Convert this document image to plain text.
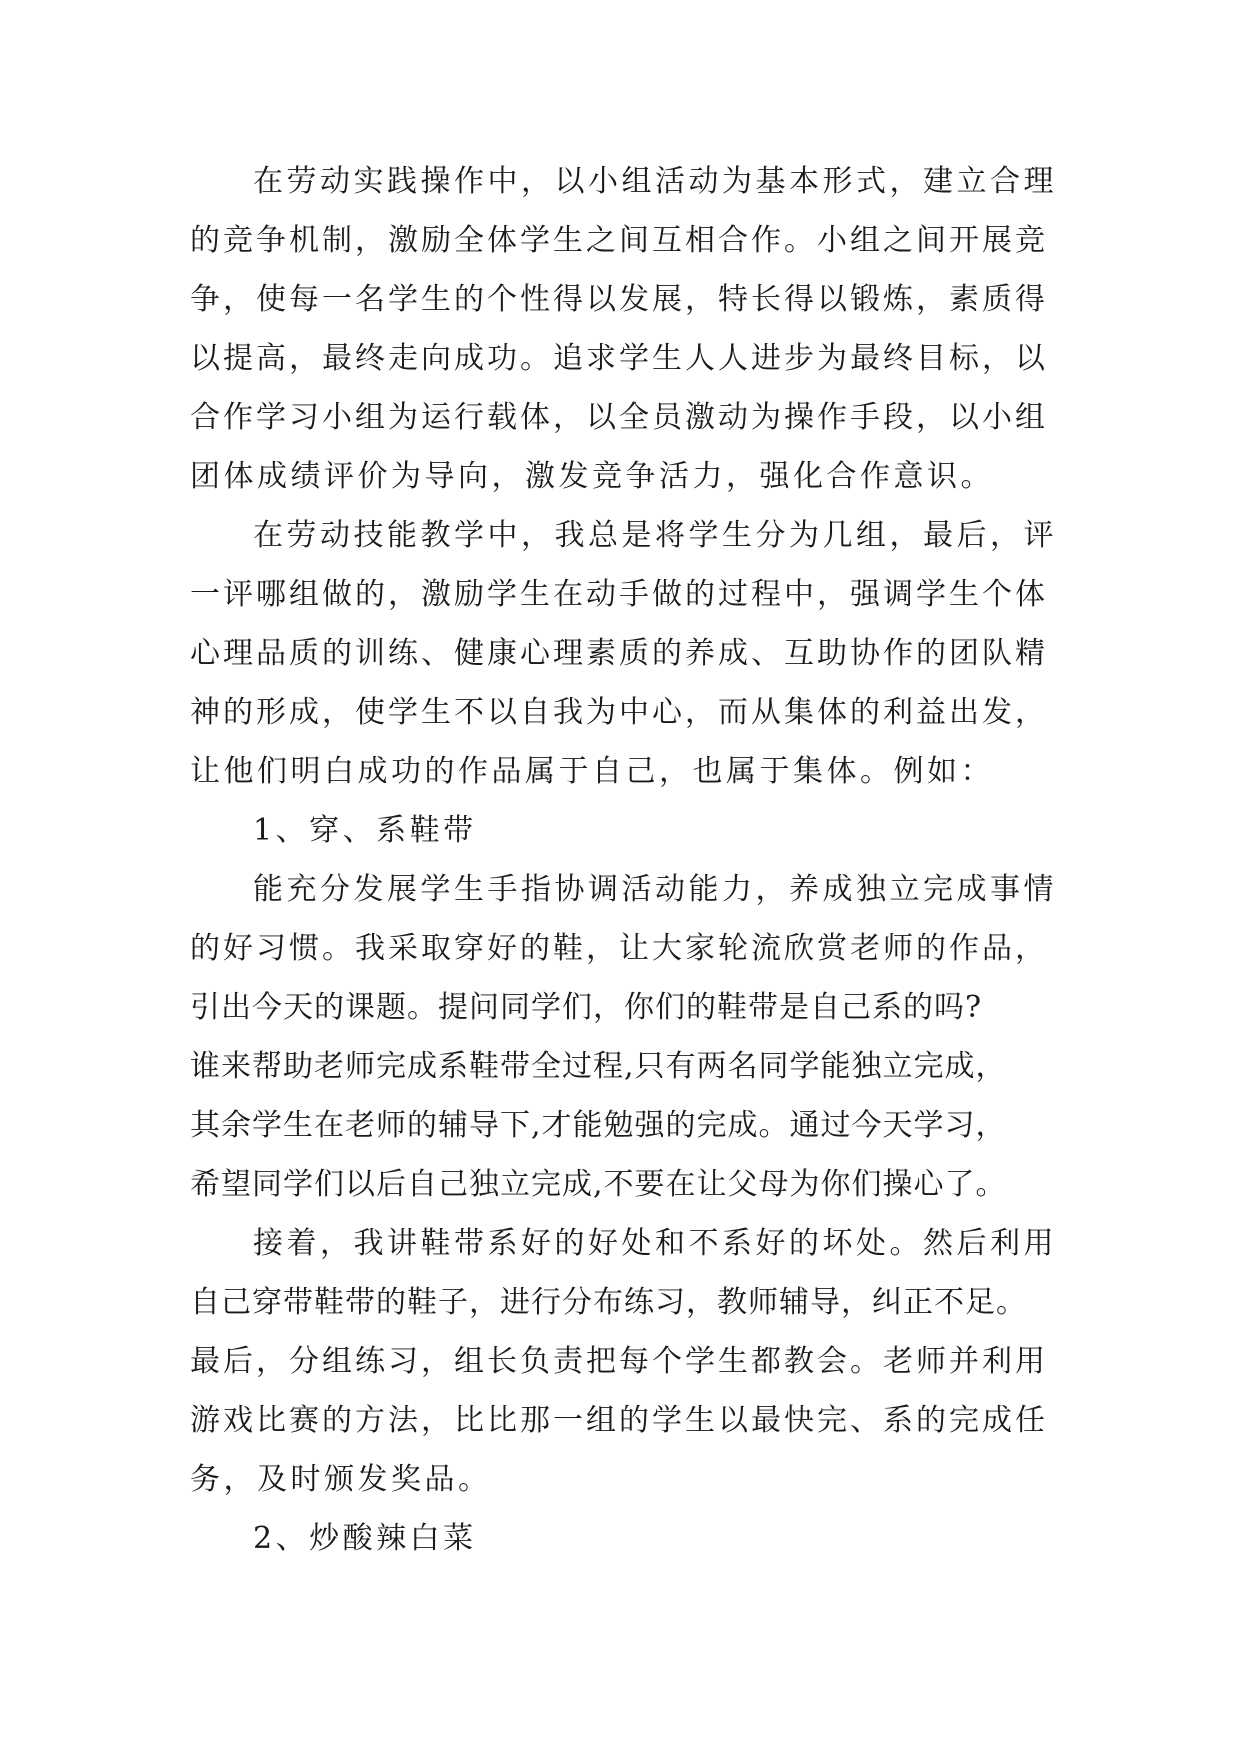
在劳动实践操作中，以小组活动为基本形式，建立合理
的竞争机制，激励全体学生之间互相合作。小组之间开展竞
争，使每一名学生的个性得以发展，特长得以锻炼，素质得
以提高，最终走向成功。追求学生人人进步为最终目标，以
合作学习小组为运行载体，以全员激动为操作手段，以小组
团体成绩评价为导向，激发竞争活力，强化合作意识。
在劳动技能教学中，我总是将学生分为几组，最后，评
一评哪组做的，激励学生在动手做的过程中，强调学生个体
心理品质的训练、健康心理素质的养成、互助协作的团队精
神的形成，使学生不以自我为中心，而从集体的利益出发，
让他们明白成功的作品属于自己，也属于集体。例如：
1、穿、系鞋带
能充分发展学生手指协调活动能力，养成独立完成事情
的好习惯。我采取穿好的鞋，让大家轮流欣赏老师的作品，
引出今天的课题。提问同学们，你们的鞋带是自己系的吗?
谁来帮助老师完成系鞋带全过程,只有两名同学能独立完成，
其余学生在老师的辅导下,才能勉强的完成。通过今天学习，
希望同学们以后自己独立完成,不要在让父母为你们操心了。
接着，我讲鞋带系好的好处和不系好的坏处。然后利用
自己穿带鞋带的鞋子，进行分布练习，教师辅导，纠正不足。
最后，分组练习，组长负责把每个学生都教会。老师并利用
游戏比赛的方法，比比那一组的学生以最快完、系的完成任
务，及时颁发奖品。
2、炒酸辣白菜
